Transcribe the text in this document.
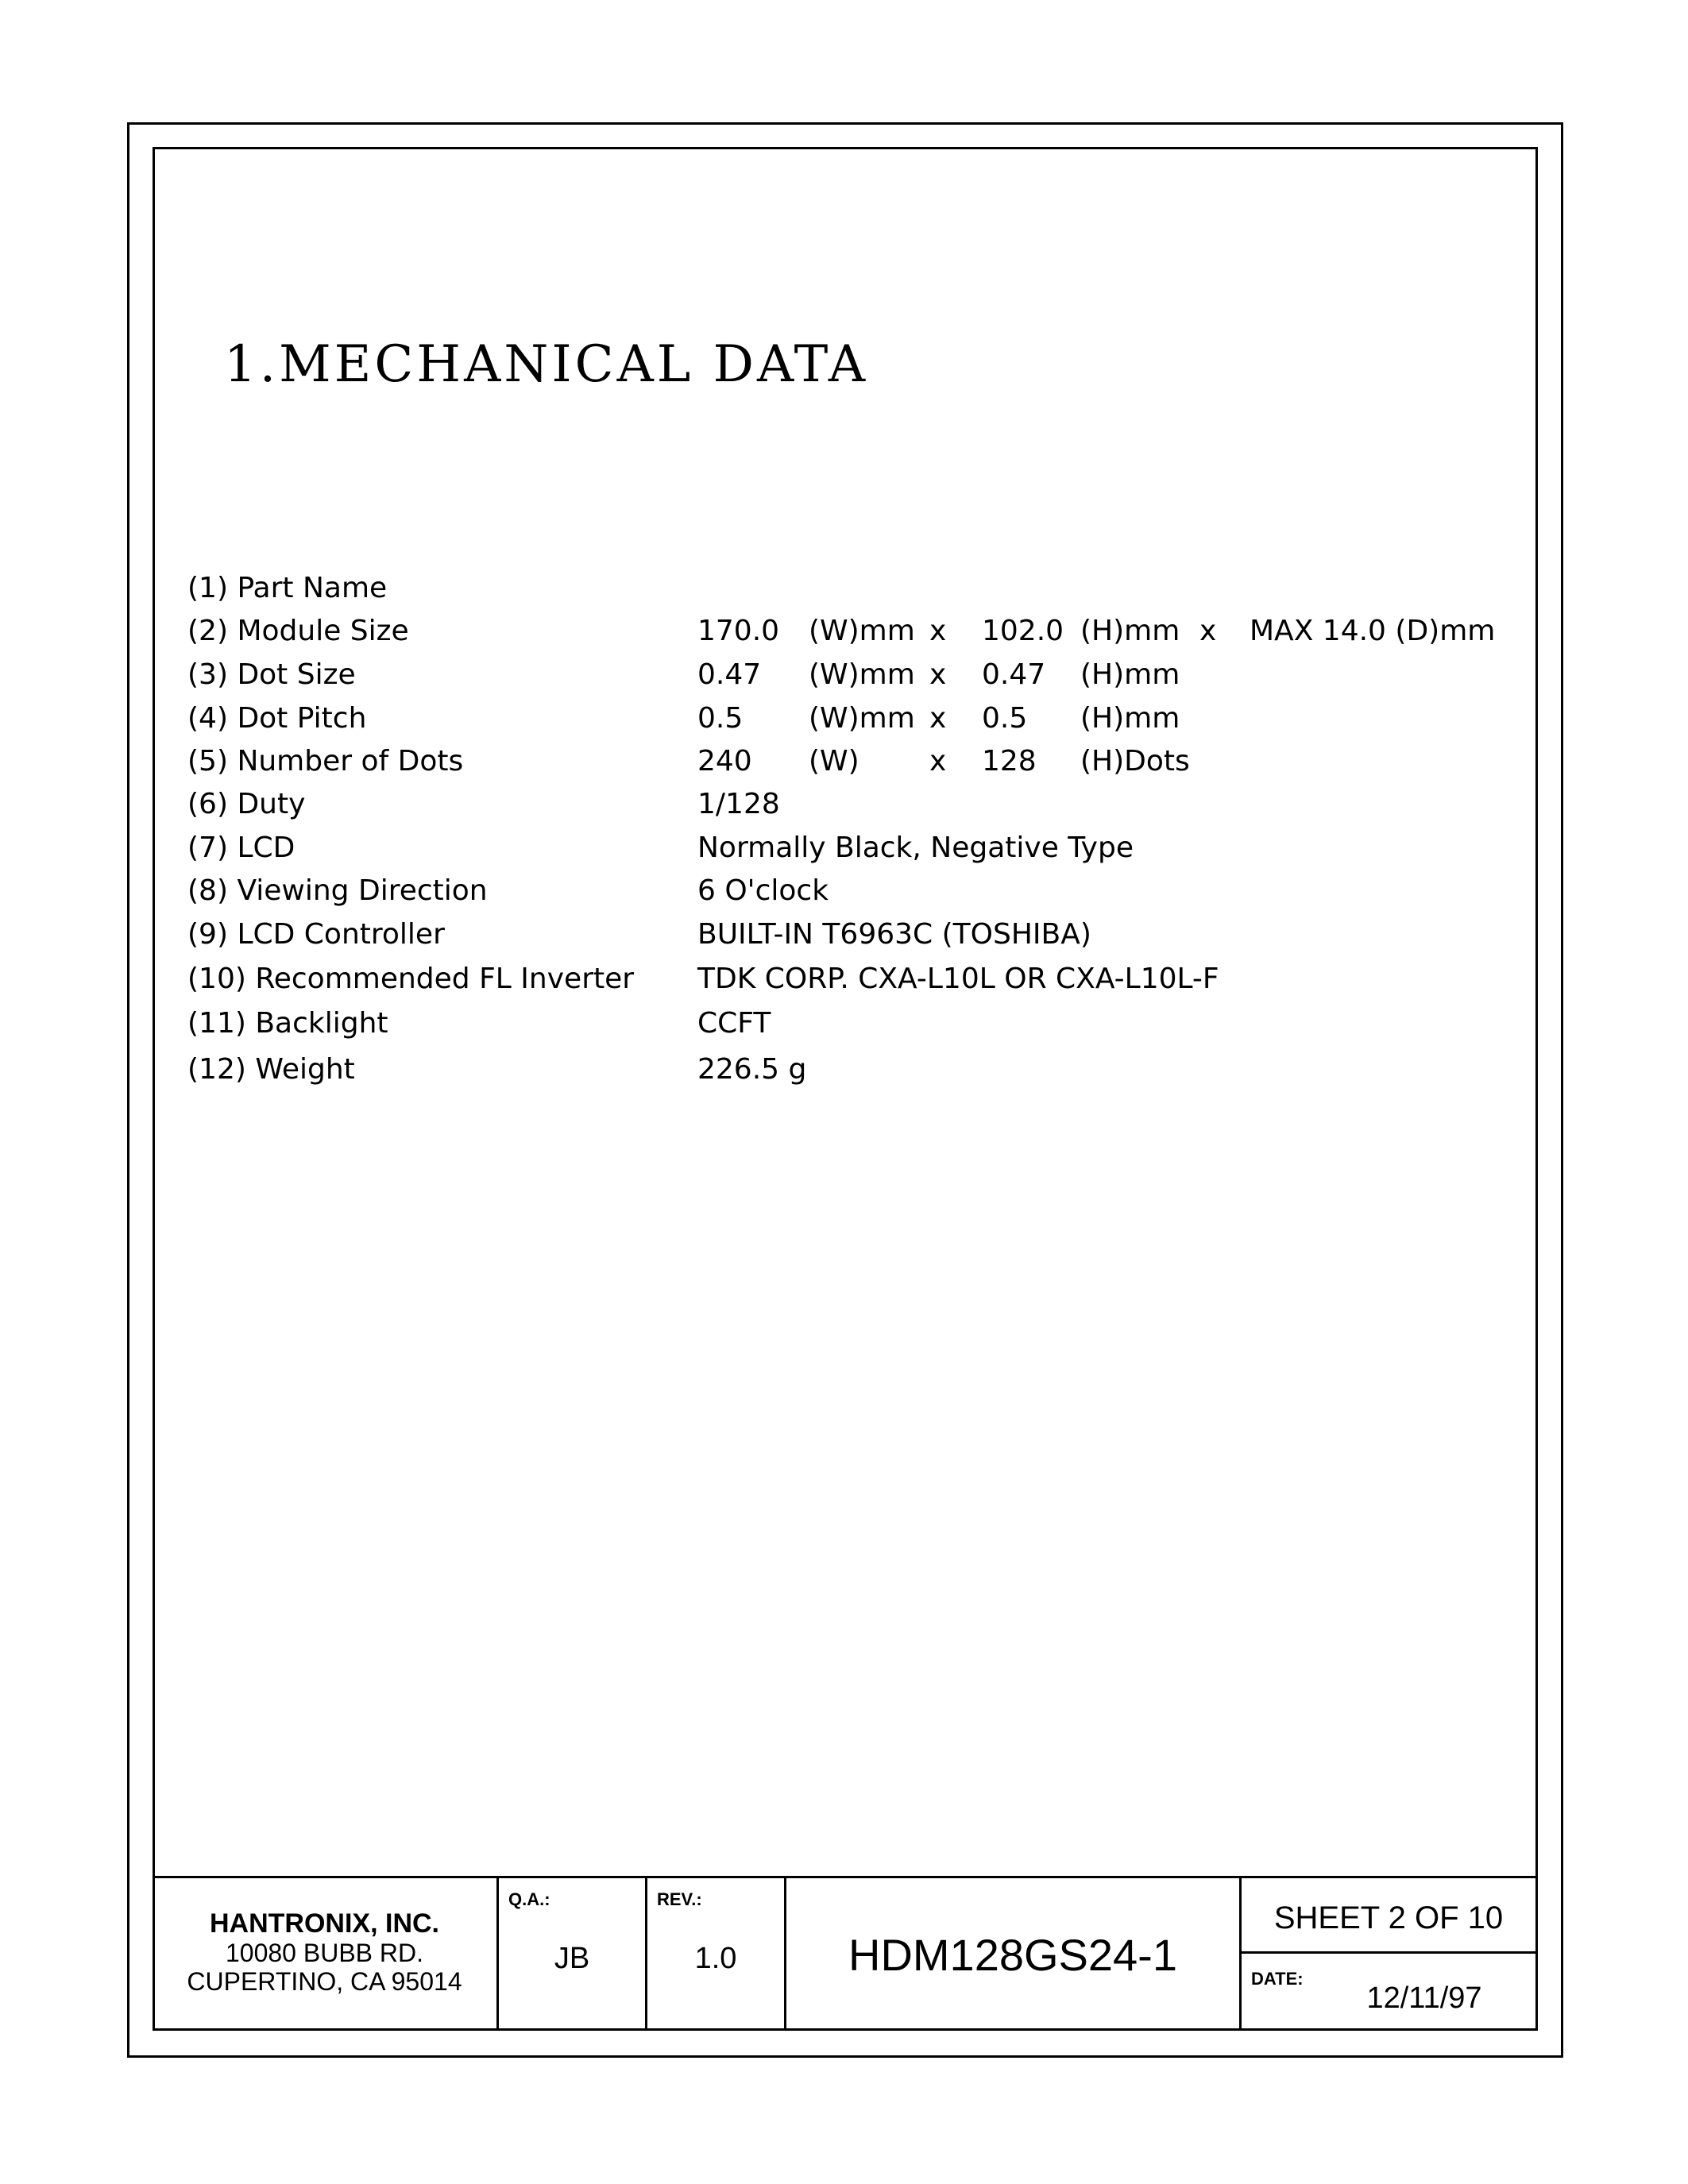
1.MECHANICAL DATA
(1) Part Name
(2) Module Size	170.0 (W)mm x 102.0 (H)mm x MAX 14.0 (D)mm
(3) Dot Size	0.47 (W)mm x 0.47 (H)mm
(4) Dot Pitch	0.5 (W)mm x 0.5 (H)mm
(5) Number of Dots	240 (W) x 128 (H)Dots
(6) Duty	1/128
(7) LCD	Normally Black, Negative Type
(8) Viewing Direction	6 O'clock
(9) LCD Controller	BUILT-IN T6963C (TOSHIBA)
(10) Recommended FL Inverter TDK CORP. CXA-L10L OR CXA-L10L-F
(11) Backlight	CCFT
(12) Weight	226.5 g
HANTRONIX, INC.
10080 BUBB RD.
CUPERTINO, CA 95014
Q.A.:
JB
REV.:
1.0	HDM128GS24-1
SHEET 2 OF 10
DATE:
12/11/97
